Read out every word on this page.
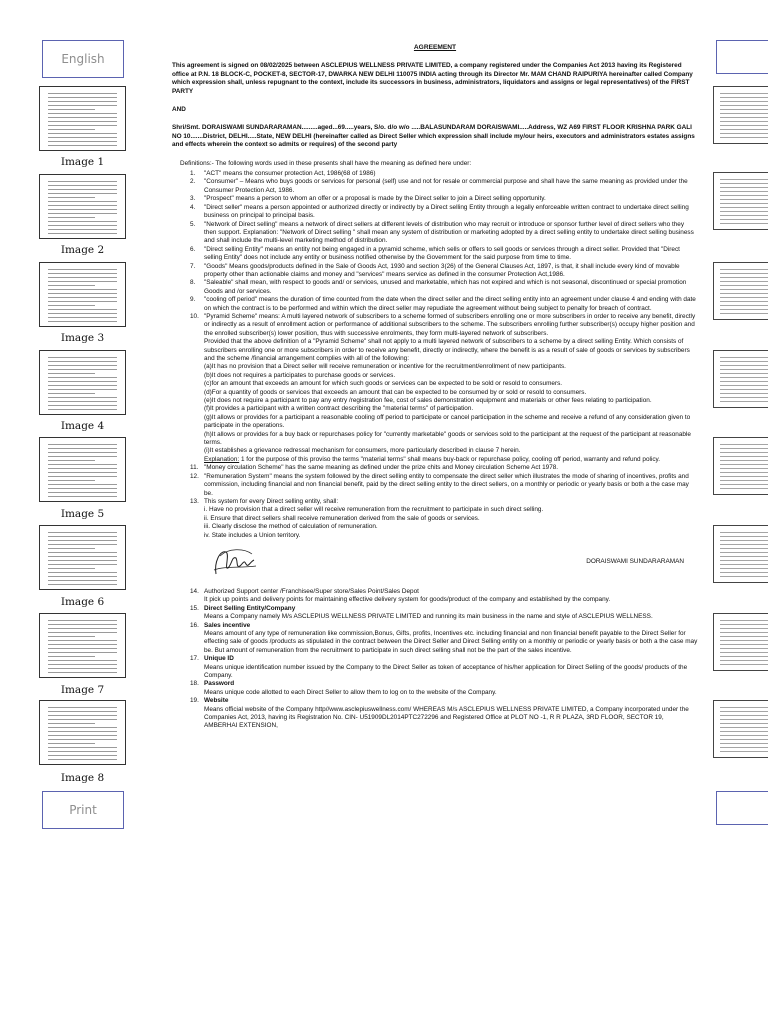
English
Image 1
Image 2
Image 3
Image 4
Image 5
Image 6
Image 7
Image 8
Print
AGREEMENT

This agreement is signed on 08/02/2025 between ASCLEPIUS WELLNESS PRIVATE LIMITED, a company registered under the Companies Act 2013 having its Registered office at P.N. 18 BLOCK-C, POCKET-8, SECTOR-17, DWARKA NEW DELHI 110075 INDIA acting through its Director Mr. MAM CHAND RAIPURIYA hereinafter called Company which expression shall, unless repugnant to the context, include its successors in business, administrators, liquidators and assigns or legal representatives) of the FIRST PARTY

AND

Shri/Smt. DORAISWAMI SUNDARARAMAN.........aged...69.....years, S/o. d/o w/o .....BALASUNDARAM DORAISWAMI.....Address, WZ A69 FIRST FLOOR KRISHNA PARK GALI NO 10.......District, DELHI.....State, NEW DELHI (hereinafter called as Direct Seller which expression shall include my/our heirs, executors and administrators estates assigns and effects wherein the context so admits or requires) of the second party

Definitions:- The following words used in these presents shall have the meaning as defined here under:
1. "ACT" means the consumer protection Act, 1986(68 of 1986)
2. "Consumer" – Means who buys goods or services for personal (self) use and not for resale or commercial purpose and shall have the same meaning as provided under the Consumer Protection Act, 1986.
3. "Prospect" means a person to whom an offer or a proposal is made by the Direct seller to join a Direct selling opportunity.
4. "Direct seller" means a person appointed or authorized directly or indirectly by a Direct selling Entity through a legally enforceable written contract to undertake direct selling business on principal to principal basis.
5. "Network of Direct selling" means a network of direct sellers at different levels of distribution who may recruit or introduce or sponsor further level of direct sellers who they then support. Explanation: "Network of Direct selling " shall mean any system of distribution or marketing adopted by a direct selling entity to undertake direct selling business and shall include the multi-level marketing method of distribution.
6. "Direct selling Entity" means an entity not being engaged in a pyramid scheme, which sells or offers to sell goods or services through a direct seller. Provided that "Direct selling Entity" does not include any entity or business notified otherwise by the Government for the said purpose from time to time.
7. "Goods" Means goods/products defined in the Sale of Goods Act, 1930 and section 3(26) of the General Clauses Act, 1897, is that, it shall include every kind of movable property other than actionable claims and money and "services" means service as defined in the consumer Protection Act,1986.
8. "Saleable" shall mean, with respect to goods and/ or services, unused and marketable, which has not expired and which is not seasonal, discontinued or special promotion Goods and /or services.
9. "cooling off period" means the duration of time counted from the date when the direct seller and the direct selling entity into an agreement under clause 4 and ending with date on which the contract is to be performed and within which the direct seller may repudiate the agreement without being subject to penalty for breach of contract.
10. "Pyramid Scheme" means: A multi layered network of subscribers to a scheme formed of subscribers enrolling one or more subscribers in order to receive any benefit, directly or indirectly as a result of enrollment action or performance of additional subscribers to the scheme. The subscribers enrolling further subscriber(s) occupy higher position and the enrolled subscriber(s) lower position, thus with successive enrolments, they form multi-layered network of subscribers.
Provided that the above definition of a "Pyramid Scheme" shall not apply to a multi layered network of subscribers to a scheme by a direct selling Entity. Which consists of subscribers enrolling one or more subscribers in order to receive any benefit, directly or indirectly, where the benefit is as a result of sale of goods or services by subscribers and the scheme /financial arrangement complies with all of the following:
(a)It has no provision that a Direct seller will receive remuneration or incentive for the recruitment/enrollment of new participants.
(b)It does not requires a participates to purchase goods or services.
(c)for an amount that exceeds an amount for which such goods or services can be expected to be sold or resold to consumers.
(d)For a quantity of goods or services that exceeds an amount that can be expected to be consumed by or sold or resold to consumers.
(e)It does not require a participant to pay any entry /registration fee, cost of sales demonstration equipment and materials or other fees relating to participation.
(f)It provides a participant with a written contract describing the "material terms" of participation.
(g)It allows or provides for a participant a reasonable cooling off period to participate or cancel participation in the scheme and receive a refund of any consideration given to participate in the operations.
(h)It allows or provides for a buy back or repurchases policy for "currently marketable" goods or services sold to the participant at the request of the participant at reasonable terms.
(i)It establishes a grievance redressal mechanism for consumers, more particularly described in clause 7 herein.
Explanation: 1 for the purpose of this proviso the terms "material terms" shall means buy-back or repurchase policy, cooling off period, warranty and refund policy.
11. "Money circulation Scheme" has the same meaning as defined under the prize chits and Money circulation Scheme Act 1978.
12. "Remuneration System" means the system followed by the direct selling entity to compensate the direct seller which illustrates the mode of sharing of incentives, profits and commission, including financial and non financial benefit, paid by the direct selling entity to the direct sellers, on a monthly or periodic or yearly basis or both a the case may be.
13. This system for every Direct selling entity, shall:
i. Have no provision that a direct seller will receive remuneration from the recruitment to participate in such direct selling.
ii. Ensure that direct sellers shall receive remuneration derived from the sale of goods or services.
iii. Clearly disclose the method of calculation of remuneration.
iv. State includes a Union territory.
DORAISWAMI SUNDARARAMAN
14. Authorized Support center /Franchisee/Super store/Sales Point/Sales Depot
It pick up points and delivery points for maintaining effective delivery system for goods/product of the company and established by the company.
15. Direct Selling Entity/Company
Means a Company namely M/s ASCLEPIUS WELLNESS PRIVATE LIMITED and running its main business in the name and style of ASCLEPIUS WELLNESS.
16. Sales incentive
Means amount of any type of remuneration like commission,Bonus, Gifts, profits, Incentives etc. including financial and non financial benefit payable to the Direct Seller for effecting sale of goods /products as stipulated in the contract between the Direct Seller and Direct Selling entity on a monthly or periodic or yearly basis or both a the case may be. But amount of remuneration from the recruitment to participate in such direct selling shall not be the part of the sales incentive.
17. Unique ID
Means unique identification number issued by the Company to the Direct Seller as token of acceptance of his/her application for Direct Selling of the goods/ products of the Company.
18. Password
Means unique code allotted to each Direct Seller to allow them to log on to the website of the Company.
19. Website
Means official website of the Company http//www.asclepiuswellness.com/ WHEREAS M/s ASCLEPIUS WELLNESS PRIVATE LIMITED, a Company incorporated under the Companies Act, 2013, having its Registration No. CIN- U51909DL2014PTC272296 and Registered Office at PLOT NO -1, R R PLAZA, 3RD FLOOR, SECTOR 19, AMBERHAI EXTENSION,
